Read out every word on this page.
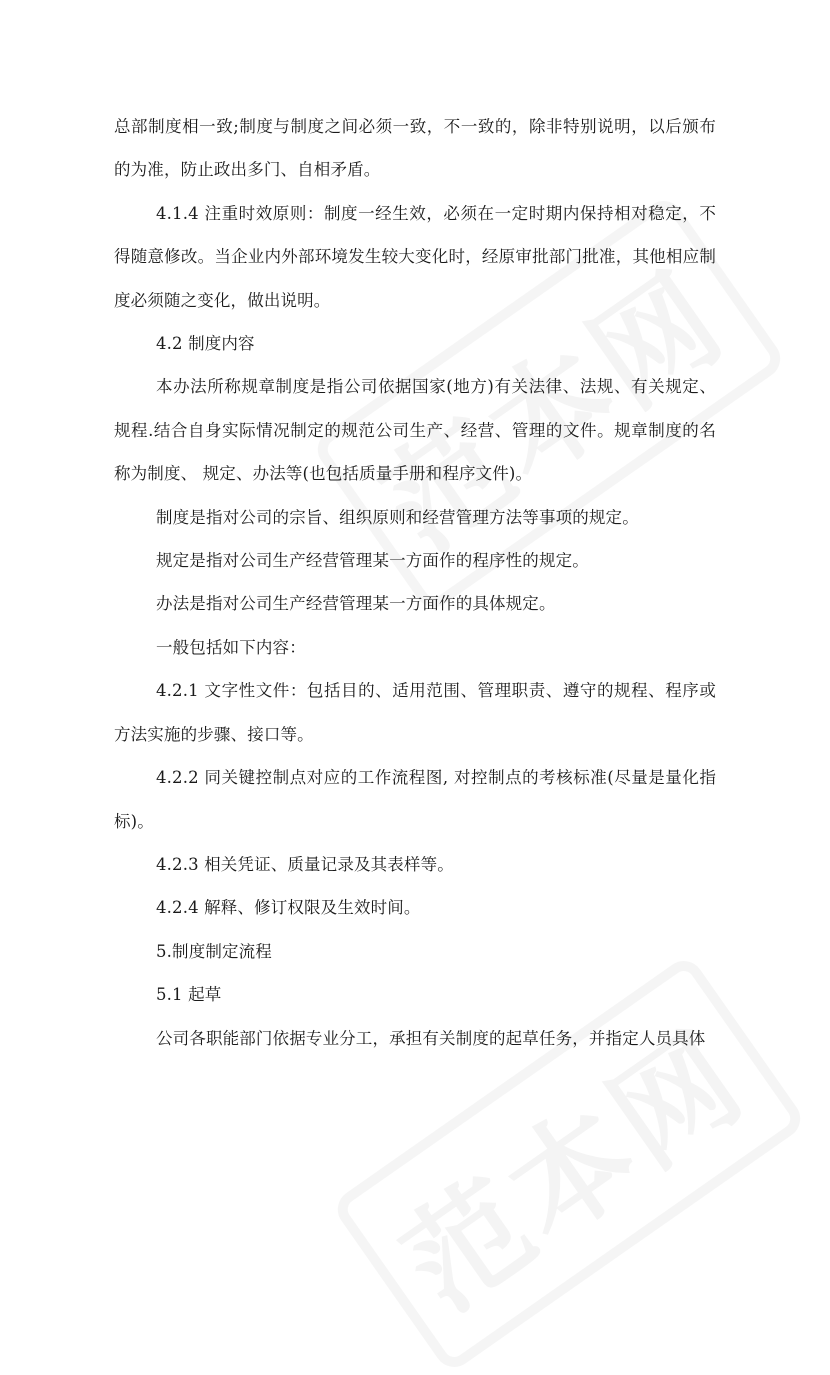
总部制度相一致;制度与制度之间必须一致，不一致的，除非特别说明，以后颁布的为准，防止政出多门、自相矛盾。

4.1.4 注重时效原则：制度一经生效，必须在一定时期内保持相对稳定，不得随意修改。当企业内外部环境发生较大变化时，经原审批部门批准，其他相应制度必须随之变化，做出说明。

4.2 制度内容

本办法所称规章制度是指公司依据国家(地方)有关法律、法规、有关规定、规程.结合自身实际情况制定的规范公司生产、经营、管理的文件。规章制度的名称为制度、 规定、办法等(也包括质量手册和程序文件)。

制度是指对公司的宗旨、组织原则和经营管理方法等事项的规定。

规定是指对公司生产经营管理某一方面作的程序性的规定。

办法是指对公司生产经营管理某一方面作的具体规定。

一般包括如下内容：

4.2.1 文字性文件：包括目的、适用范围、管理职责、遵守的规程、程序或方法实施的步骤、接口等。

4.2.2 同关键控制点对应的工作流程图, 对控制点的考核标准(尽量是量化指标)。

4.2.3 相关凭证、质量记录及其表样等。

4.2.4 解释、修订权限及生效时间。

5.制度制定流程

5.1 起草

公司各职能部门依据专业分工，承担有关制度的起草任务，并指定人员具体
